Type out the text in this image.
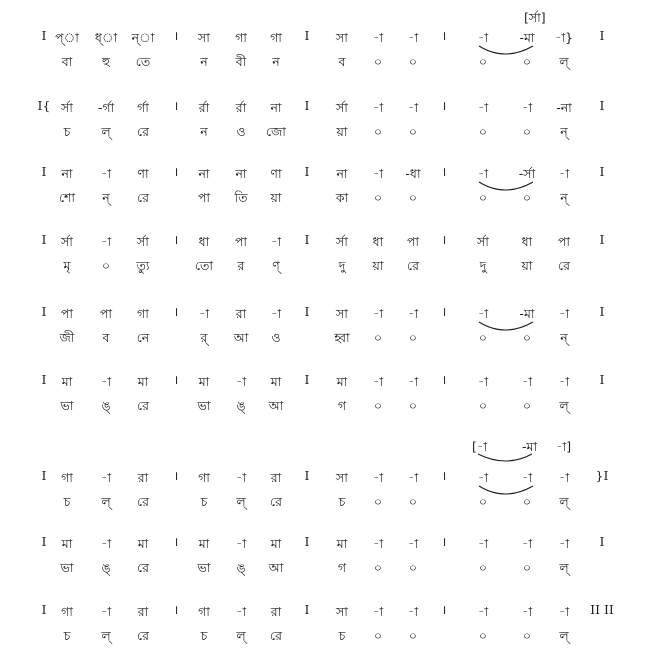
[র্সা]
[-া	-মা -া]
I প্া ধ্া ন্া । সা গা গা I সা -া -া ।	-া	-মা -া} I
বা হু তে	ন বী ন	ব ০ ০	০	০ ল্
I{ র্সা -র্গা র্গা । র্রা র্রা না I র্সা -া -া ।	-া	-া -না I
চ ল্ রে	ন ও জো	য়া ০ ০	০	০ ন্
I না -া ণা । না না ণা I না -া -ধা ।	-া -র্সা -া I
শো ন্ রে	পা তি য়া	কা ০ ০	০	০ ন্
I র্সা -া র্সা । ধা পা -া I র্সা ধা পা । র্সা	ধা পা I
মৃ	০ ত্যু	তো র ণ্	দু য়া রে	দু	য়া রে
I পা পা গা । -া রা -া I সা -া -া ।	-া	-মা -া I
জী ব নে	র্ আ ও	হ্বা ০ ০	০	০ ন্
I মা -া মা । মা -া মা I মা -া -া ।	-া	-া -া I
ভা ঙ্ রে	ভা ঙ্ আ	গ ০ ০	০	০ ল্
I গা -া রা । গা -া রা I সা -া -া ।	-া	-া -া }I
চ ল্ রে	চ ল্ রে	চ ০ ০	০	০ ল্
I মা -া মা । মা -া মা I মা -া -া ।	-া	-া -া I
ভা ঙ্ রে	ভা ঙ্ আ	গ ০ ০	০	০ ল্
I গা -া রা । গা -া রা I সা -া -া ।	-া	-া -া II II
চ ল্ রে	চ ল্ রে	চ ০ ০	০	০ ল্
